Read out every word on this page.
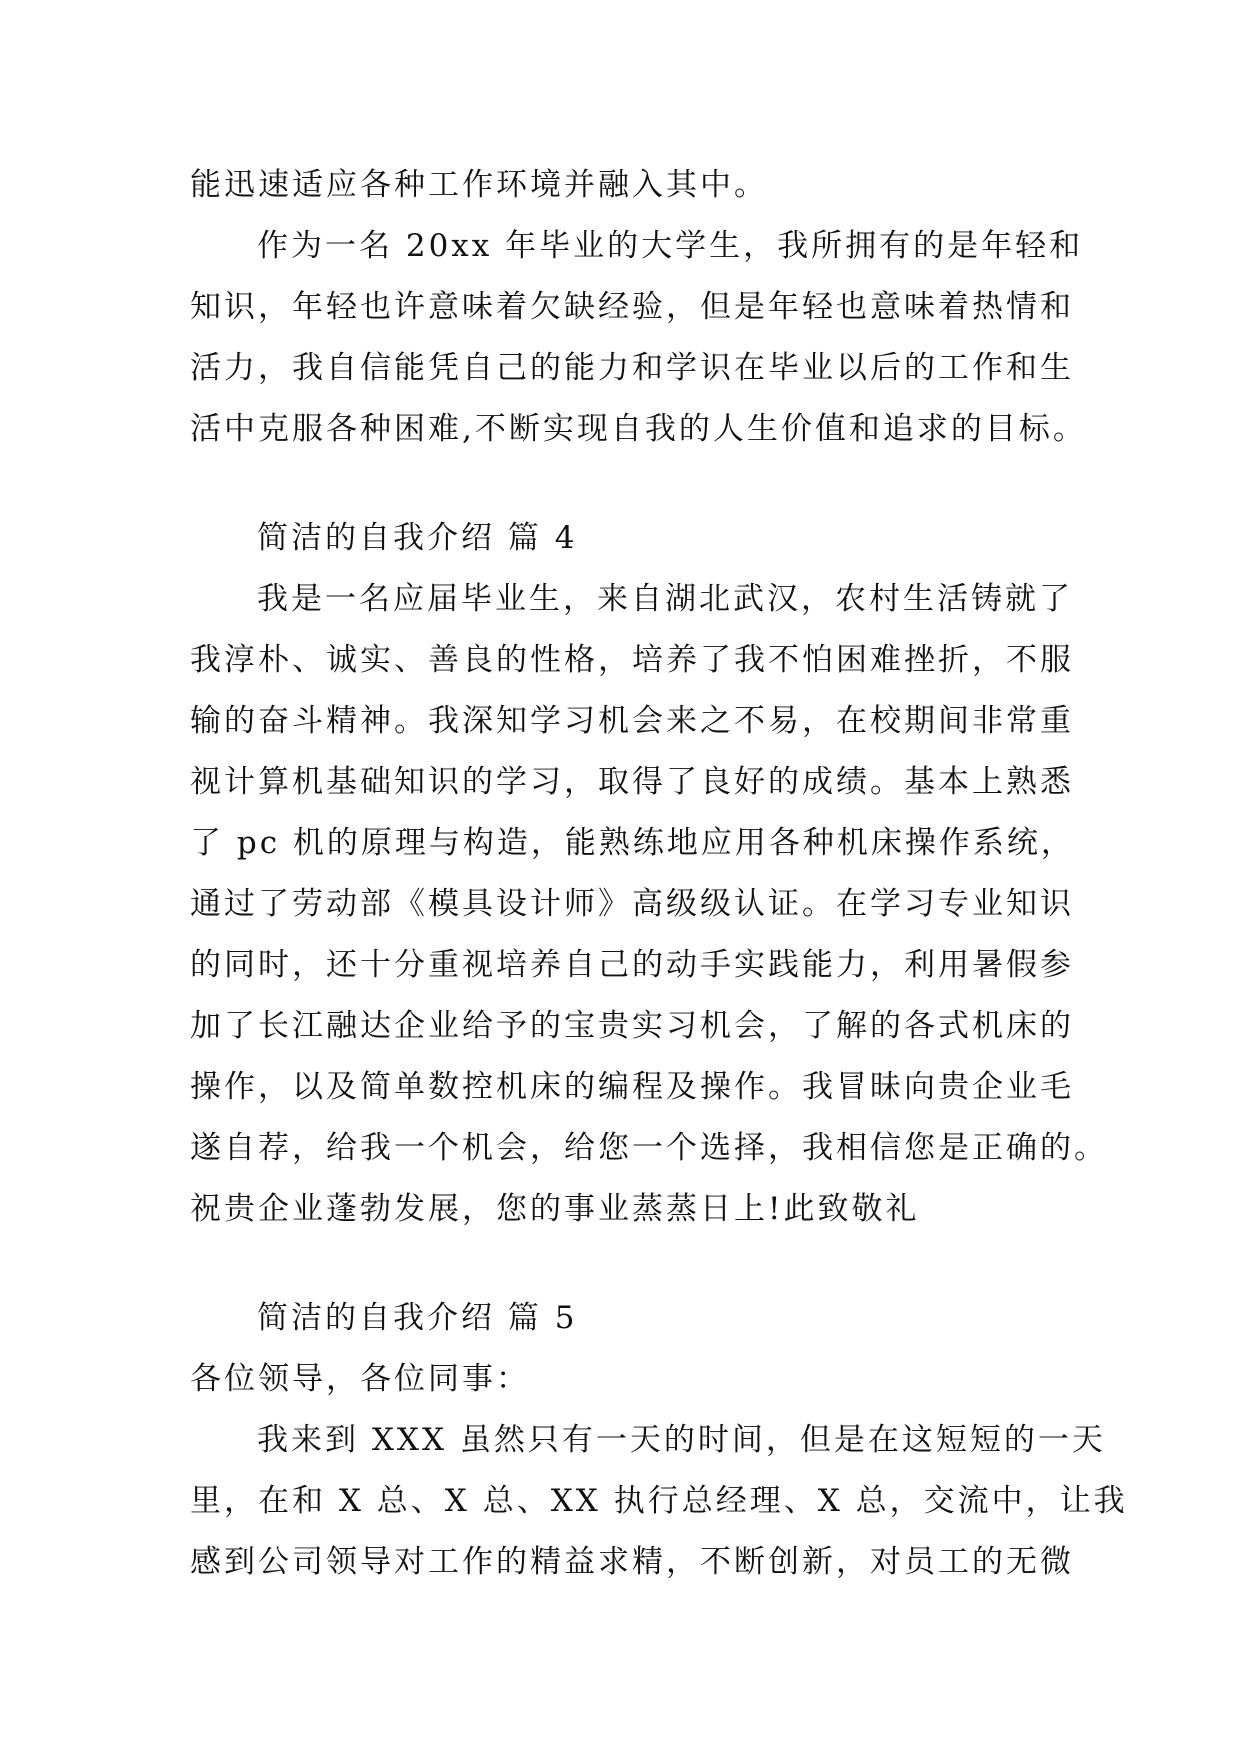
能迅速适应各种工作环境并融入其中。
作为一名 20xx 年毕业的大学生，我所拥有的是年轻和
知识，年轻也许意味着欠缺经验，但是年轻也意味着热情和
活力，我自信能凭自己的能力和学识在毕业以后的工作和生
活中克服各种困难,不断实现自我的人生价值和追求的目标。
简洁的自我介绍 篇 4
我是一名应届毕业生，来自湖北武汉，农村生活铸就了
我淳朴、诚实、善良的性格，培养了我不怕困难挫折，不服
输的奋斗精神。我深知学习机会来之不易，在校期间非常重
视计算机基础知识的学习，取得了良好的成绩。基本上熟悉
了 pc 机的原理与构造，能熟练地应用各种机床操作系统，
通过了劳动部《模具设计师》高级级认证。在学习专业知识
的同时，还十分重视培养自己的动手实践能力，利用暑假参
加了长江融达企业给予的宝贵实习机会，了解的各式机床的
操作，以及简单数控机床的编程及操作。我冒昧向贵企业毛
遂自荐，给我一个机会，给您一个选择，我相信您是正确的。
祝贵企业蓬勃发展，您的事业蒸蒸日上!此致敬礼
简洁的自我介绍 篇 5
各位领导，各位同事：
我来到 XXX 虽然只有一天的时间，但是在这短短的一天
里，在和 X 总、X 总、XX 执行总经理、X 总，交流中，让我
感到公司领导对工作的精益求精，不断创新，对员工的无微
